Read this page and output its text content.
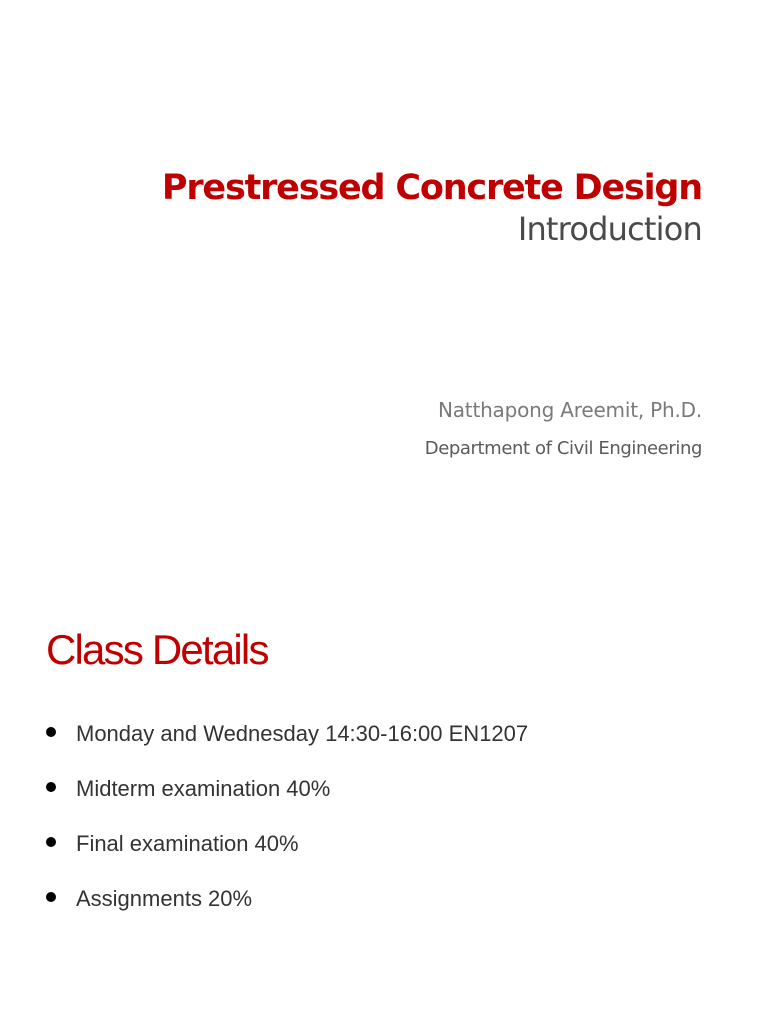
Prestressed Concrete Design
Introduction
Natthapong Areemit, Ph.D.
Department of Civil Engineering
Class Details
Monday and Wednesday 14:30-16:00 EN1207
Midterm examination 40%
Final examination 40%
Assignments 20%
